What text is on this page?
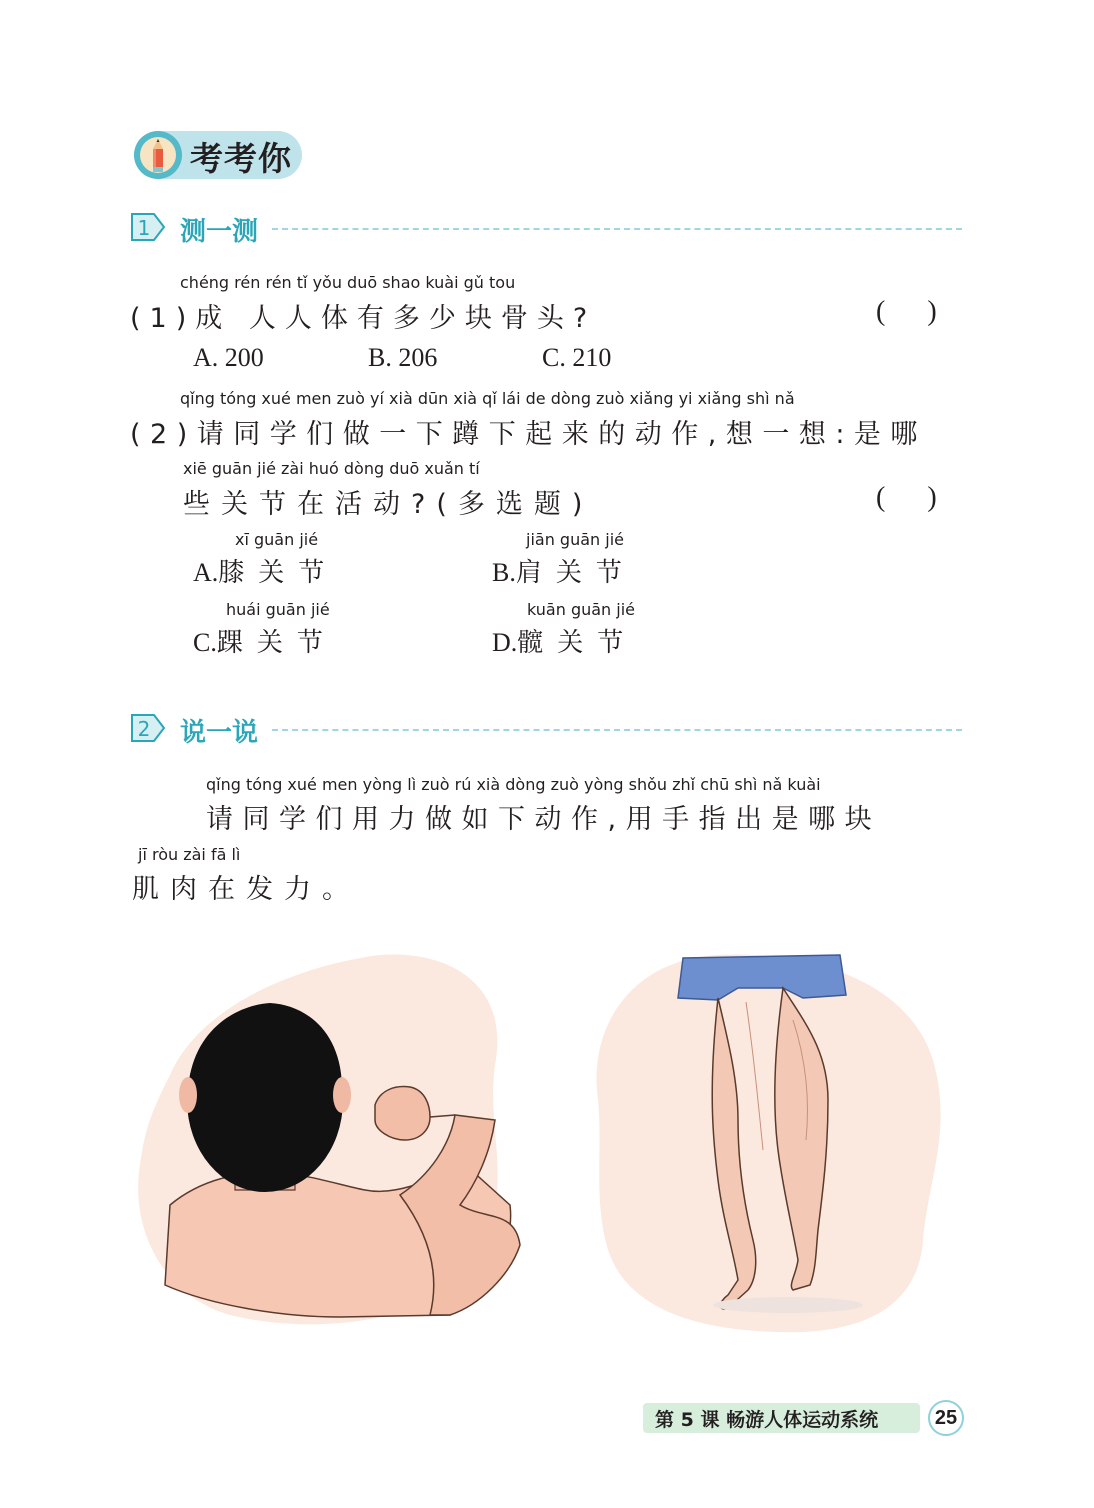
考考你
1 测一测
chéng rén rén tǐ yǒu duō shao kuài gǔ tou
(1)成 人人体有多少块骨头?	(      )
A. 200	B. 206	C. 210
qǐng tóng xué men zuò yí xià dūn xià qǐ lái de dòng zuò xiǎng yi xiǎng shì nǎ
(2)请同学们做一下蹲下起来的动作,想一想:是哪
xiē guān jié zài huó dòng duō xuǎn tí
些关节在活动?(多选题)	(      )
xī guān jié
A.膝关节
jiān guān jié
B.肩关节
huái guān jié
C.踝关节
kuān guān jié
D.髋关节
2 说一说
qǐng tóng xué men yòng lì zuò rú xià dòng zuò yòng shǒu zhǐ chū shì nǎ kuài
请同学们用力做如下动作,用手指出是哪块
jī ròu zài fā lì
肌肉在发力。
第 5 课 畅游人体运动系统	25
